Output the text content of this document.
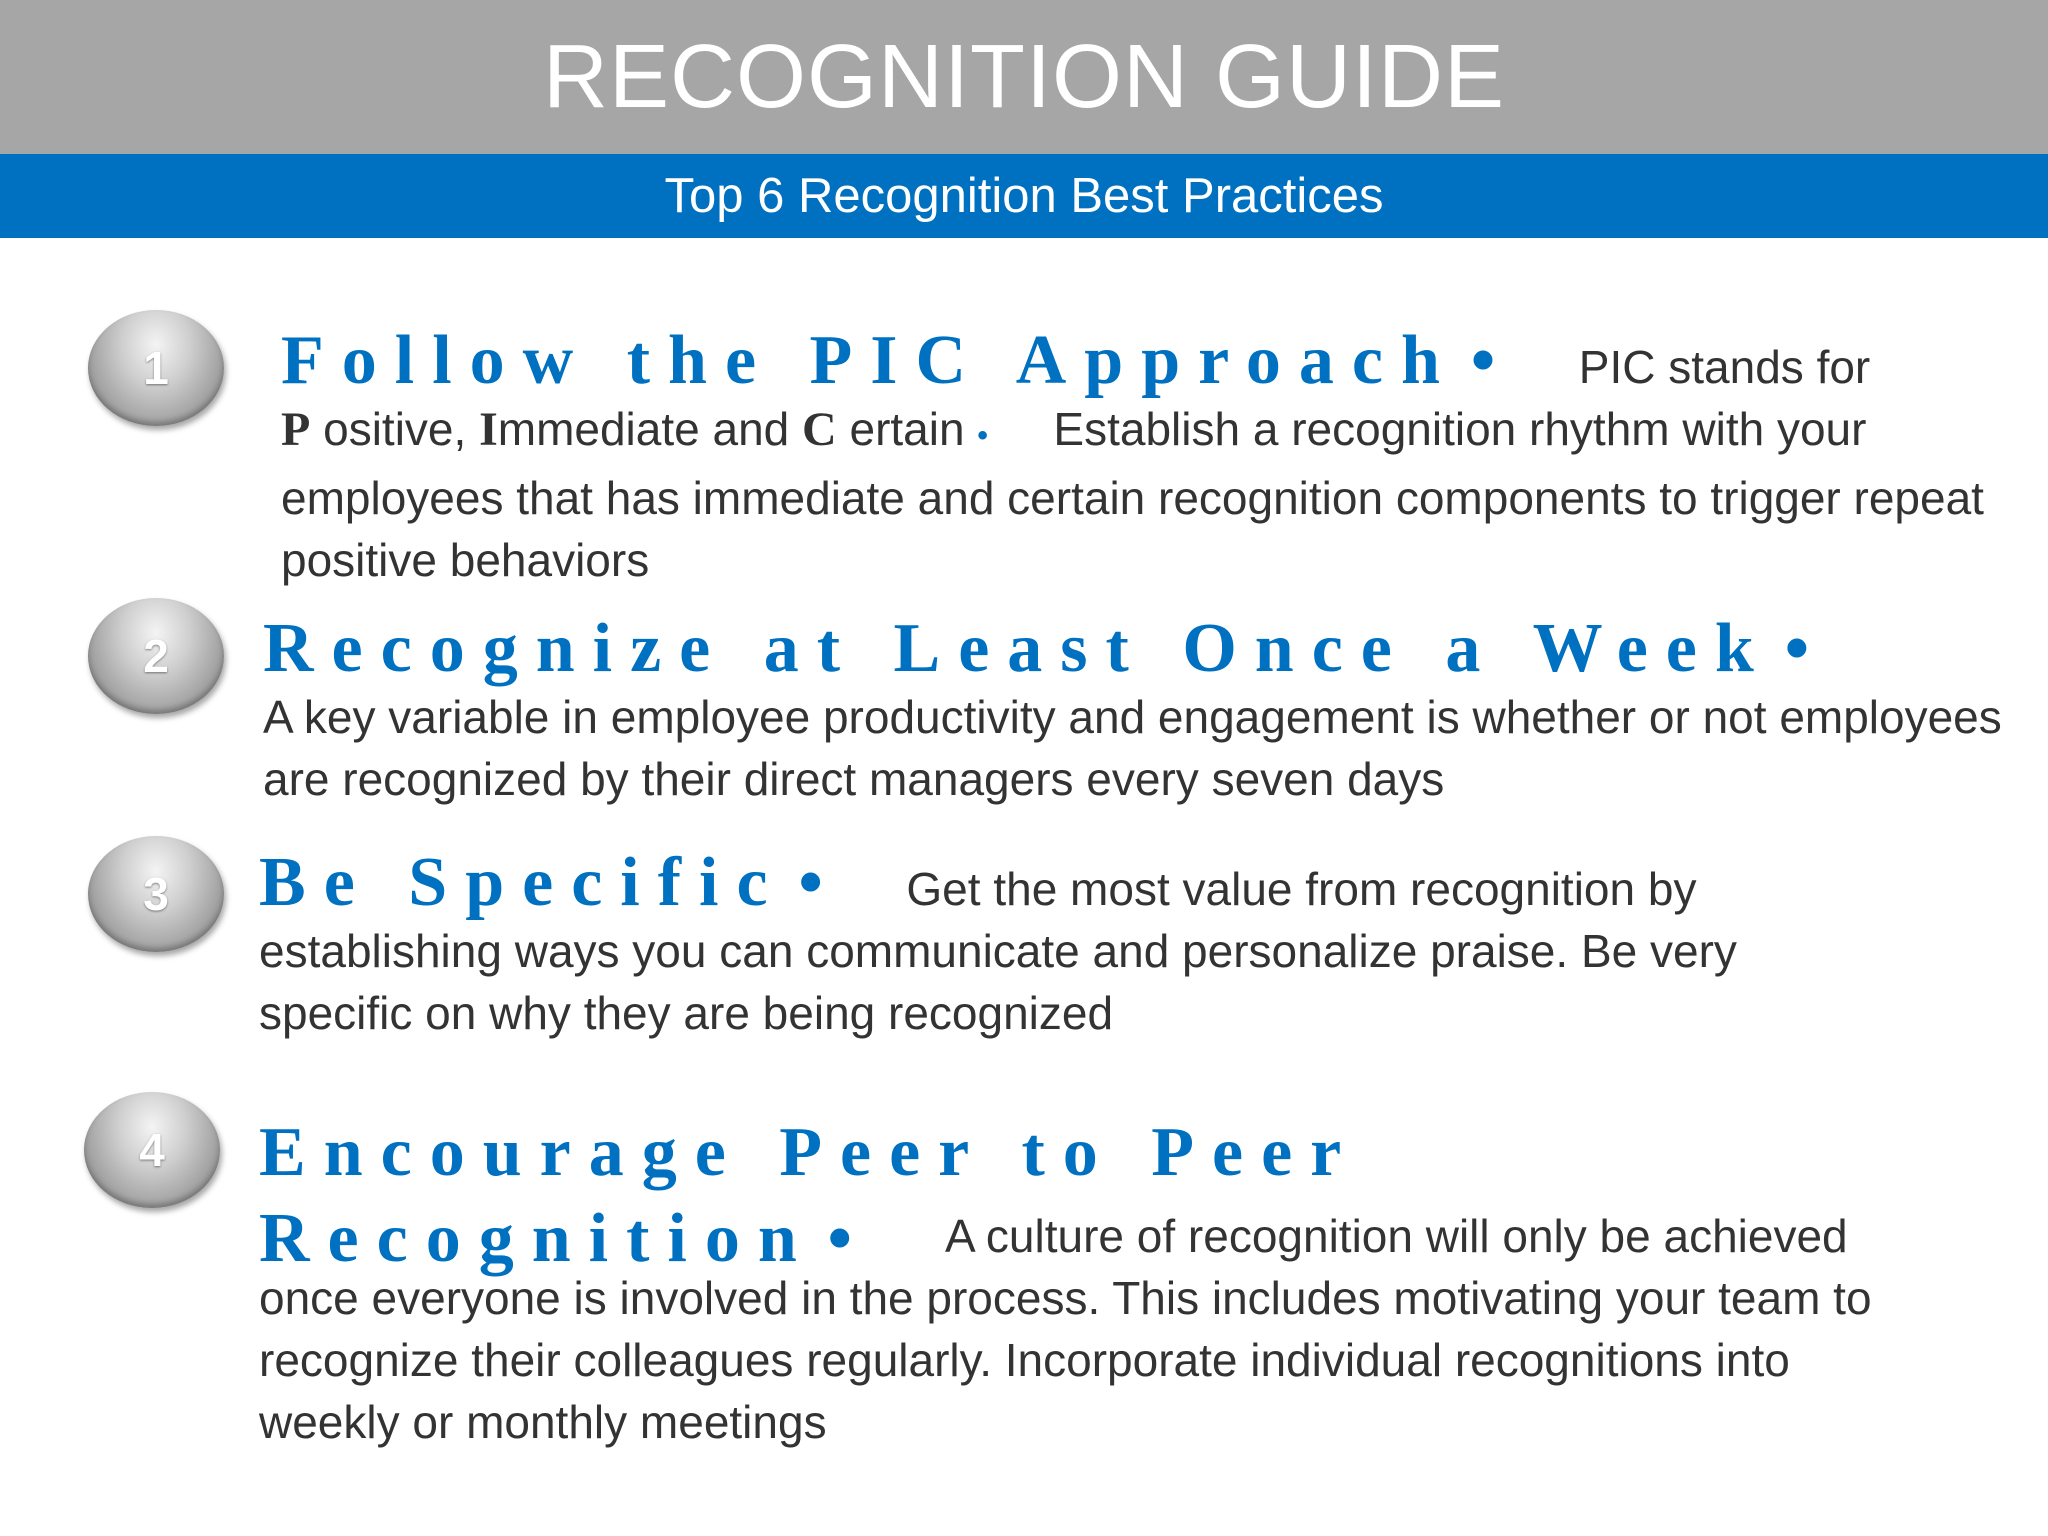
RECOGNITION GUIDE
Top 6 Recognition Best Practices
1 Follow the PIC Approach • PIC stands for
P ositive, Immediate and C ertain • Establish a recognition rhythm with your employees that has immediate and certain recognition components to trigger repeat positive behaviors
2 Recognize at Least Once a Week •
A key variable in employee productivity and engagement is whether or not employees are recognized by their direct managers every seven days
3 Be Specific • Get the most value from recognition by establishing ways you can communicate and personalize praise. Be very specific on why they are being recognized
4 Encourage Peer to Peer Recognition •	A culture of recognition will only be achieved once everyone is involved in the process. This includes motivating your team to recognize their colleagues regularly. Incorporate individual recognitions into weekly or monthly meetings
